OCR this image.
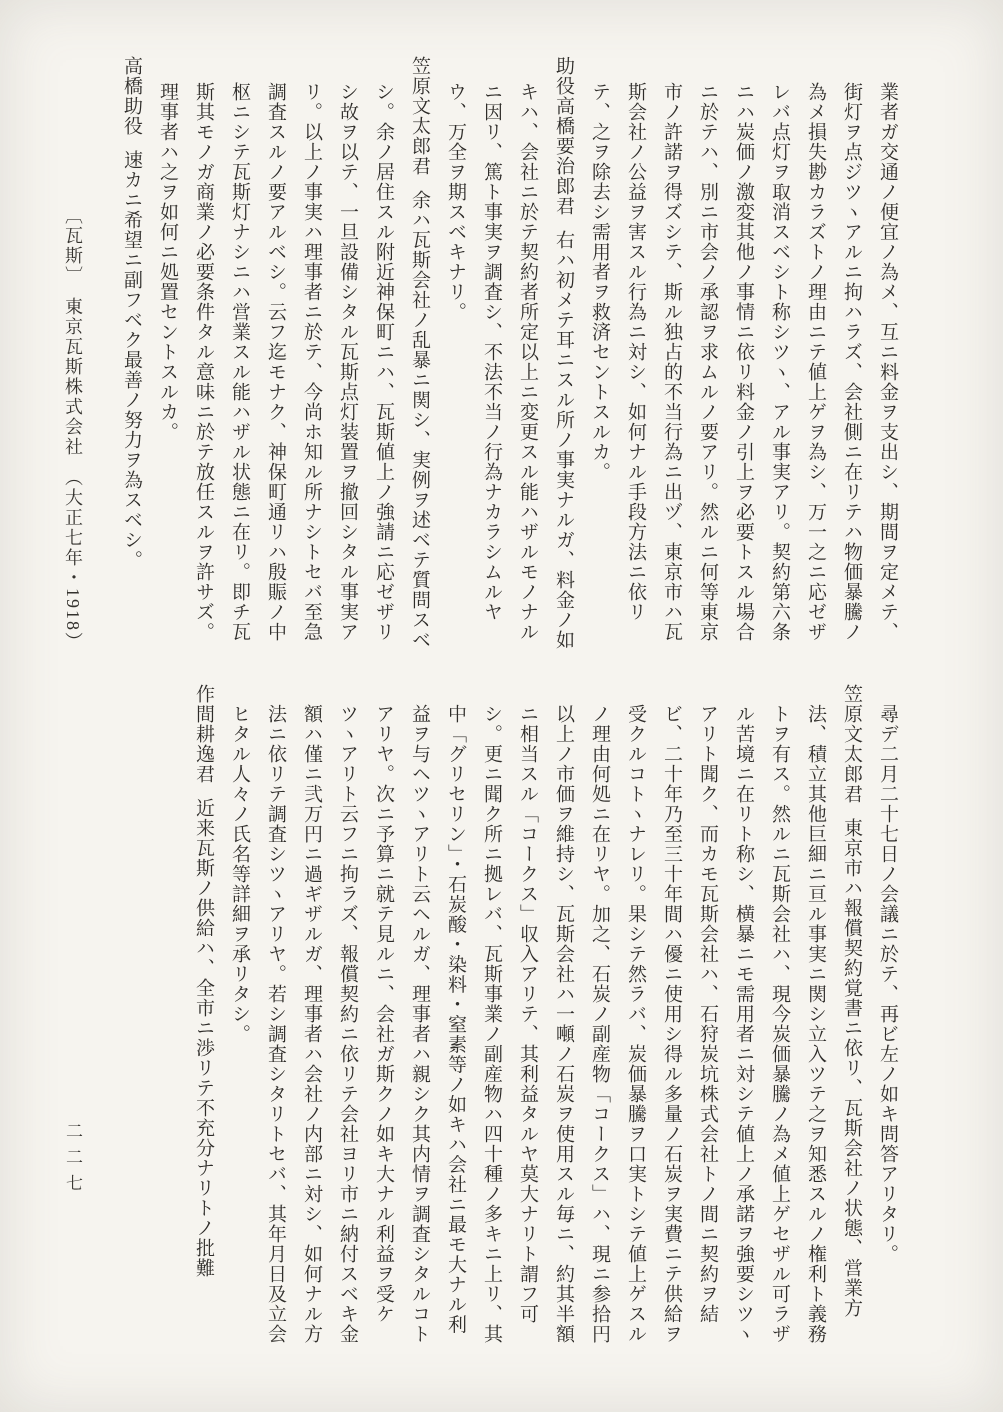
業者ガ交通ノ便宜ノ為メ、互ニ料金ヲ支出シ、期間ヲ定メテ、街灯ヲ点ジツヽアルニ拘ハラズ、会社側ニ在リテハ物価暴騰ノ為メ損失尠カラズトノ理由ニテ値上ゲヲ為シ、万一之ニ応ゼザレバ点灯ヲ取消スベシト称シツヽ、アル事実アリ。契約第六条ニハ炭価ノ激変其他ノ事情ニ依リ料金ノ引上ヲ必要トスル場合ニ於テハ、別ニ市会ノ承認ヲ求ムルノ要アリ。然ルニ何等東京市ノ許諾ヲ得ズシテ、斯ル独占的不当行為ニ出ヅ、東京市ハ瓦斯会社ノ公益ヲ害スル行為ニ対シ、如何ナル手段方法ニ依リテ、之ヲ除去シ需用者ヲ救済セントスルカ。

助役高橋要治郎君右ハ初メテ耳ニスル所ノ事実ナルガ、料金ノ如キハ、会社ニ於テ契約者所定以上ニ変更スル能ハザルモノナルニ因リ、篤ト事実ヲ調査シ、不法不当ノ行為ナカラシムルヤウ、万全ヲ期スベキナリ。

笠原文太郎君余ハ瓦斯会社ノ乱暴ニ関シ、実例ヲ述ベテ質問スベシ。余ノ居住スル附近神保町ニハ、瓦斯値上ノ強請ニ応ゼザリシ故ヲ以テ、一旦設備シタル瓦斯点灯装置ヲ撤回シタル事実アリ。以上ノ事実ハ理事者ニ於テ、今尚ホ知ル所ナシトセバ至急調査スルノ要アルベシ。云フ迄モナク、神保町通リハ殷賑ノ中枢ニシテ瓦斯灯ナシニハ営業スル能ハザル状態ニ在リ。即チ瓦斯其モノガ商業ノ必要条件タル意味ニ於テ放任スルヲ許サズ。理事者ハ之ヲ如何ニ処置セントスルカ。

高橋助役速カニ希望ニ副フベク最善ノ努力ヲ為スベシ。

〔瓦斯〕　東京瓦斯株式会社　（大正七年・1918）

尋デ二月二十七日ノ会議ニ於テ、再ビ左ノ如キ問答アリタリ。

笠原文太郎君東京市ハ報償契約覚書ニ依リ、瓦斯会社ノ状態、営業方法、積立其他巨細ニ亘ル事実ニ関シ立入ツテ之ヲ知悉スルノ権利ト義務トヲ有ス。然ルニ瓦斯会社ハ、現今炭価暴騰ノ為メ値上ゲセザル可ラザル苦境ニ在リト称シ、横暴ニモ需用者ニ対シテ値上ノ承諾ヲ強要シツヽアリト聞ク、而カモ瓦斯会社ハ、石狩炭坑株式会社トノ間ニ契約ヲ結ビ、二十年乃至三十年間ハ優ニ使用シ得ル多量ノ石炭ヲ実費ニテ供給ヲ受クルコトヽナレリ。果シテ然ラバ、炭価暴騰ヲ口実トシテ値上ゲスルノ理由何処ニ在リヤ。加之、石炭ノ副産物「コークス」ハ、現ニ参拾円以上ノ市価ヲ維持シ、瓦斯会社ハ一噸ノ石炭ヲ使用スル毎ニ、約其半額ニ相当スル「コークス」収入アリテ、其利益タルヤ莫大ナリト謂フ可シ。更ニ聞ク所ニ拠レバ、瓦斯事業ノ副産物ハ四十種ノ多キニ上リ、其中「グリセリン」・石炭酸・染料・窒素等ノ如キハ会社ニ最モ大ナル利益ヲ与ヘツヽアリト云ヘルガ、理事者ハ親シク其内情ヲ調査シタルコトアリヤ。次ニ予算ニ就テ見ルニ、会社ガ斯クノ如キ大ナル利益ヲ受ケツヽアリト云フニ拘ラズ、報償契約ニ依リテ会社ヨリ市ニ納付スベキ金額ハ僅ニ弐万円ニ過ギザルガ、理事者ハ会社ノ内部ニ対シ、如何ナル方法ニ依リテ調査シツヽアリヤ。若シ調査シタリトセバ、其年月日及立会ヒタル人々ノ氏名等詳細ヲ承リタシ。

作間耕逸君近来瓦斯ノ供給ハ、全市ニ渉リテ不充分ナリトノ批難

二二七
